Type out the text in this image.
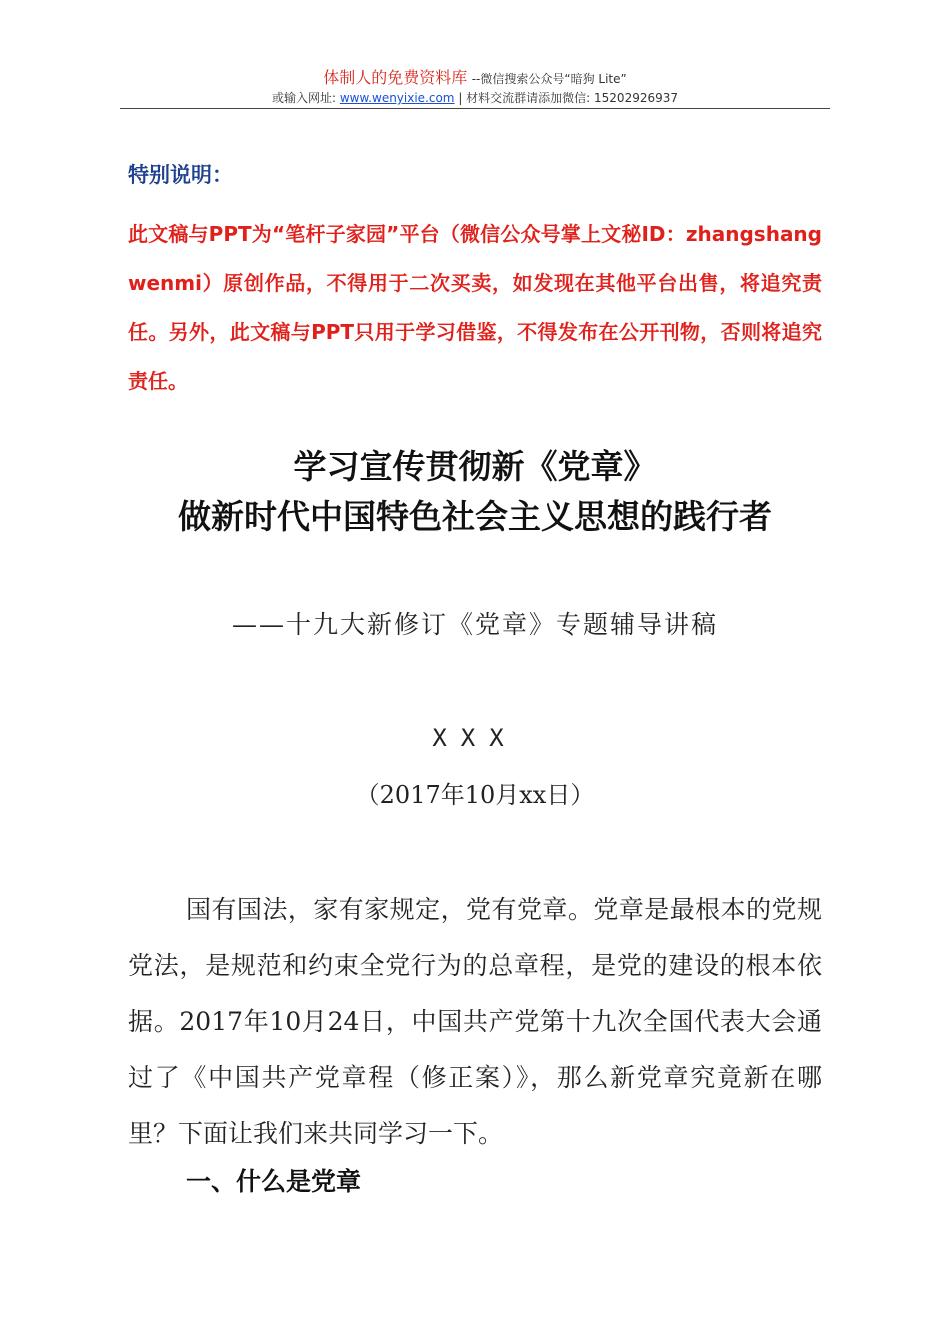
体制人的免费资料库 --微信搜索公众号“暗狗 Lite”
或输入网址: www.wenyixie.com | 材料交流群请添加微信: 15202926937
特别说明：
此文稿与PPT为“笔杆子家园”平台（微信公众号掌上文秘ID：zhangshangwenmi）原创作品，不得用于二次买卖，如发现在其他平台出售，将追究责任。另外，此文稿与PPT只用于学习借鉴，不得发布在公开刊物，否则将追究责任。
学习宣传贯彻新《党章》
做新时代中国特色社会主义思想的践行者
——十九大新修订《党章》专题辅导讲稿
XXX
（2017年10月xx日）
国有国法，家有家规定，党有党章。党章是最根本的党规党法，是规范和约束全党行为的总章程，是党的建设的根本依据。2017年10月24日，中国共产党第十九次全国代表大会通过了《中国共产党章程（修正案）》，那么新党章究竟新在哪里？下面让我们来共同学习一下。
一、什么是党章
